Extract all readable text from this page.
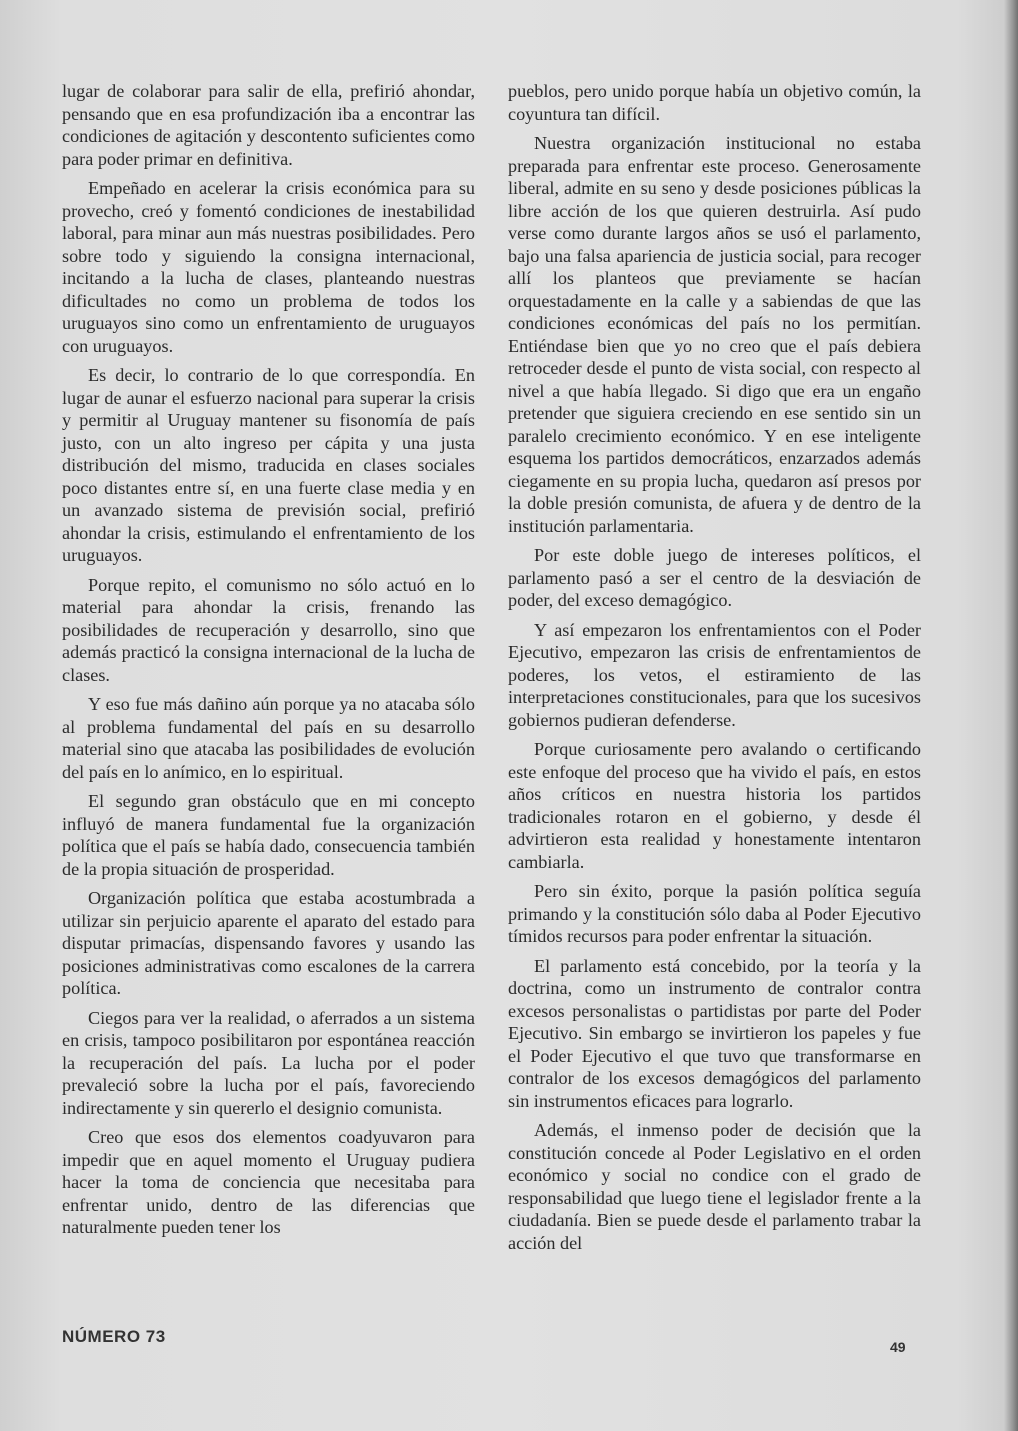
lugar de colaborar para salir de ella, prefirió ahondar, pensando que en esa profundización iba a encontrar las condiciones de agitación y descontento suficientes como para poder primar en definitiva.

Empeñado en acelerar la crisis económica para su provecho, creó y fomentó condiciones de inestabilidad laboral, para minar aun más nuestras posibilidades. Pero sobre todo y siguiendo la consigna internacional, incitando a la lucha de clases, planteando nuestras dificultades no como un problema de todos los uruguayos sino como un enfrentamiento de uruguayos con uruguayos.

Es decir, lo contrario de lo que correspondía. En lugar de aunar el esfuerzo nacional para superar la crisis y permitir al Uruguay mantener su fisonomía de país justo, con un alto ingreso per cápita y una justa distribución del mismo, traducida en clases sociales poco distantes entre sí, en una fuerte clase media y en un avanzado sistema de previsión social, prefirió ahondar la crisis, estimulando el enfrentamiento de los uruguayos.

Porque repito, el comunismo no sólo actuó en lo material para ahondar la crisis, frenando las posibilidades de recuperación y desarrollo, sino que además practicó la consigna internacional de la lucha de clases.

Y eso fue más dañino aún porque ya no atacaba sólo al problema fundamental del país en su desarrollo material sino que atacaba las posibilidades de evolución del país en lo anímico, en lo espiritual.

El segundo gran obstáculo que en mi concepto influyó de manera fundamental fue la organización política que el país se había dado, consecuencia también de la propia situación de prosperidad.

Organización política que estaba acostumbrada a utilizar sin perjuicio aparente el aparato del estado para disputar primacías, dispensando favores y usando las posiciones administrativas como escalones de la carrera política.

Ciegos para ver la realidad, o aferrados a un sistema en crisis, tampoco posibilitaron por espontánea reacción la recuperación del país. La lucha por el poder prevaleció sobre la lucha por el país, favoreciendo indirectamente y sin quererlo el designio comunista.

Creo que esos dos elementos coadyuvaron para impedir que en aquel momento el Uruguay pudiera hacer la toma de conciencia que necesitaba para enfrentar unido, dentro de las diferencias que naturalmente pueden tener los

pueblos, pero unido porque había un objetivo común, la coyuntura tan difícil.

Nuestra organización institucional no estaba preparada para enfrentar este proceso. Generosamente liberal, admite en su seno y desde posiciones públicas la libre acción de los que quieren destruirla. Así pudo verse como durante largos años se usó el parlamento, bajo una falsa apariencia de justicia social, para recoger allí los planteos que previamente se hacían orquestadamente en la calle y a sabiendas de que las condiciones económicas del país no los permitían. Entiéndase bien que yo no creo que el país debiera retroceder desde el punto de vista social, con respecto al nivel a que había llegado. Si digo que era un engaño pretender que siguiera creciendo en ese sentido sin un paralelo crecimiento económico. Y en ese inteligente esquema los partidos democráticos, enzarzados además ciegamente en su propia lucha, quedaron así presos por la doble presión comunista, de afuera y de dentro de la institución parlamentaria.

Por este doble juego de intereses políticos, el parlamento pasó a ser el centro de la desviación de poder, del exceso demagógico.

Y así empezaron los enfrentamientos con el Poder Ejecutivo, empezaron las crisis de enfrentamientos de poderes, los vetos, el estiramiento de las interpretaciones constitucionales, para que los sucesivos gobiernos pudieran defenderse.

Porque curiosamente pero avalando o certificando este enfoque del proceso que ha vivido el país, en estos años críticos en nuestra historia los partidos tradicionales rotaron en el gobierno, y desde él advirtieron esta realidad y honestamente intentaron cambiarla.

Pero sin éxito, porque la pasión política seguía primando y la constitución sólo daba al Poder Ejecutivo tímidos recursos para poder enfrentar la situación.

El parlamento está concebido, por la teoría y la doctrina, como un instrumento de contralor contra excesos personalistas o partidistas por parte del Poder Ejecutivo. Sin embargo se invirtieron los papeles y fue el Poder Ejecutivo el que tuvo que transformarse en contralor de los excesos demagógicos del parlamento sin instrumentos eficaces para lograrlo.

Además, el inmenso poder de decisión que la constitución concede al Poder Legislativo en el orden económico y social no condice con el grado de responsabilidad que luego tiene el legislador frente a la ciudadanía. Bien se puede desde el parlamento trabar la acción del

NÚMERO 73
49
